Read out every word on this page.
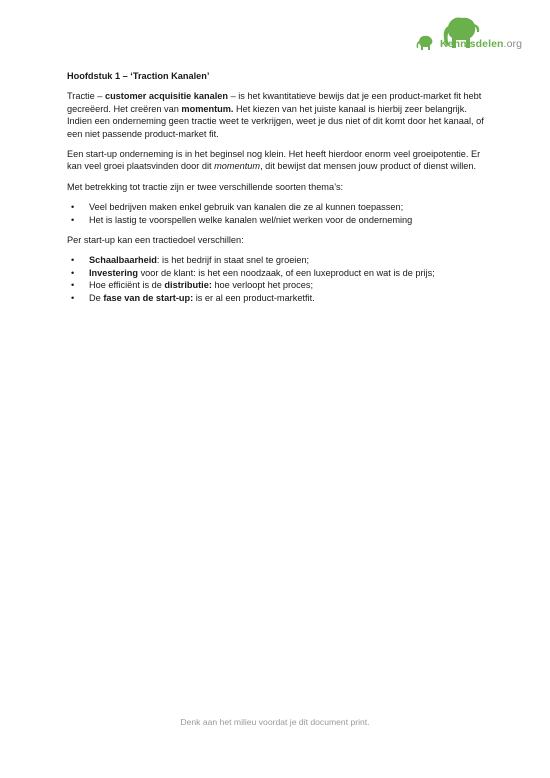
Kennisdelen.org
Hoofdstuk 1 – ‘Traction Kanalen’

Tractie – customer acquisitie kanalen – is het kwantitatieve bewijs dat je een product-market fit hebt gecreëerd. Het creëren van momentum. Het kiezen van het juiste kanaal is hierbij zeer belangrijk. Indien een onderneming geen tractie weet te verkrijgen, weet je dus niet of dit komt door het kanaal, of een niet passende product-market fit.

Een start-up onderneming is in het beginsel nog klein. Het heeft hierdoor enorm veel groeipotentie. Er kan veel groei plaatsvinden door dit momentum, dit bewijst dat mensen jouw product of dienst willen.

Met betrekking tot tractie zijn er twee verschillende soorten thema’s:

• Veel bedrijven maken enkel gebruik van kanalen die ze al kunnen toepassen;
• Het is lastig te voorspellen welke kanalen wel/niet werken voor de onderneming

Per start-up kan een tractiedoel verschillen:

• Schaalbaarheid: is het bedrijf in staat snel te groeien;
• Investering voor de klant: is het een noodzaak, of een luxeproduct en wat is de prijs;
• Hoe efficiënt is de distributie: hoe verloopt het proces;
• De fase van de start-up: is er al een product-marketfit.
Denk aan het milieu voordat je dit document print.
